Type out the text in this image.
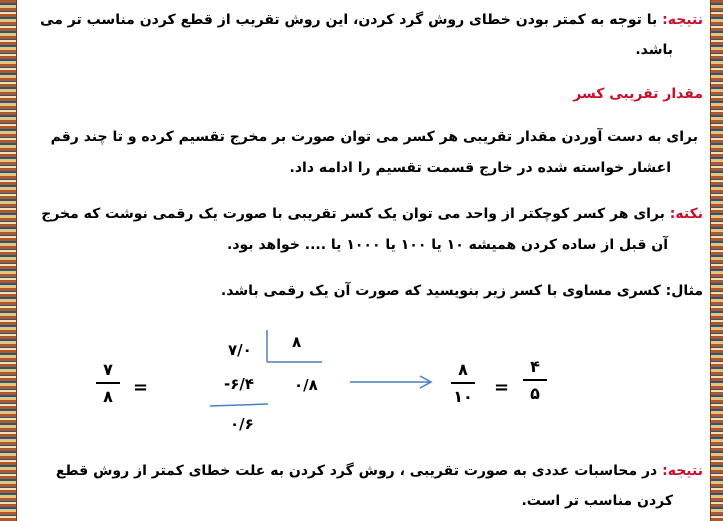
نتیجه: با توجه به کمتر بودن خطای روش گرد کردن، این روش تقریب از قطع کردن مناسب تر می
باشد.
مقدار تقریبی کسر
برای به دست آوردن مقدار تقریبی هر کسر می توان صورت بر مخرج تقسیم کرده و تا چند رقم
اعشار خواسته شده در خارج قسمت تقسیم را ادامه داد.
نکته: برای هر کسر کوچکتر از واحد می توان یک کسر تقریبی با صورت یک رقمی نوشت که مخرج
آن قبل از ساده کردن همیشه ۱۰ یا ۱۰۰ یا ۱۰۰۰ یا .... خواهد بود.
مثال: کسری مساوی با کسر زیر بنویسید که صورت آن یک رقمی باشد.
نتیجه: در محاسبات عددی به صورت تقریبی ، روش گرد کردن به علت خطای کمتر از روش قطع
کردن مناسب تر است.
۷
۸	=
۷/۰	۸
-۶/۴	۰/۸
۰/۶
۸
۱۰ =
۴
۵
